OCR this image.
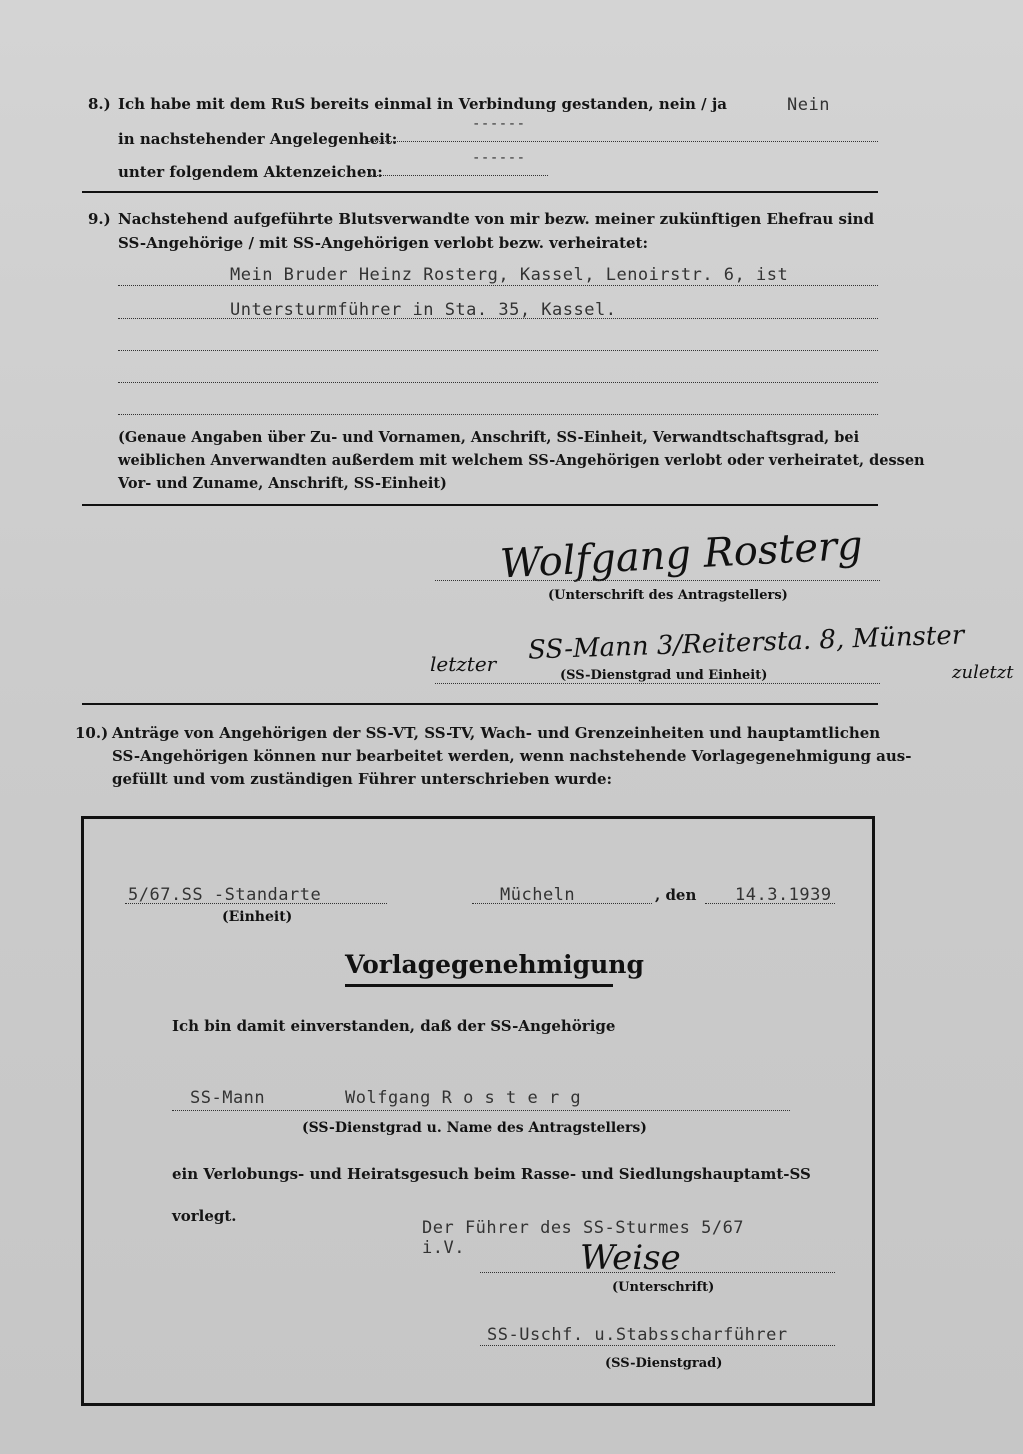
8.) Ich habe mit dem RuS bereits einmal in Verbindung gestanden, nein / ja	Nein
in nachstehender Angelegenheit:
------
unter folgendem Aktenzeichen:
------
9.) Nachstehend aufgeführte Blutsverwandte von mir bezw. meiner zukünftigen Ehefrau sind
SS-Angehörige / mit SS-Angehörigen verlobt bezw. verheiratet:
Mein Bruder Heinz Rosterg, Kassel, Lenoirstr. 6, ist
Untersturmführer in Sta. 35, Kassel.
(Genaue Angaben über Zu- und Vornamen, Anschrift, SS-Einheit, Verwandtschaftsgrad, bei
weiblichen Anverwandten außerdem mit welchem SS-Angehörigen verlobt oder verheiratet, dessen
Vor- und Zuname, Anschrift, SS-Einheit)
Wolfgang Rosterg
(Unterschrift des Antragstellers)
letzter SS-Mann 3/Reitersta. 8, Münster
zuletzt
(SS-Dienstgrad und Einheit)
10.) Anträge von Angehörigen der SS-VT, SS-TV, Wach- und Grenzeinheiten und hauptamtlichen
SS-Angehörigen können nur bearbeitet werden, wenn nachstehende Vorlagegenehmigung aus-
gefüllt und vom zuständigen Führer unterschrieben wurde:
5/67.SS -Standarte
(Einheit)
Mücheln	, den 14.3.1939
Vorlagegenehmigung
Ich bin damit einverstanden, daß der SS-Angehörige
SS-Mann	Wolfgang R o s t e r g
(SS-Dienstgrad u. Name des Antragstellers)
ein Verlobungs- und Heiratsgesuch beim Rasse- und Siedlungshauptamt-SS
vorlegt.
Der Führer des SS-Sturmes 5/67
i.V.	Weise
(Unterschrift)
SS-Uschf. u.Stabsscharführer
(SS-Dienstgrad)
